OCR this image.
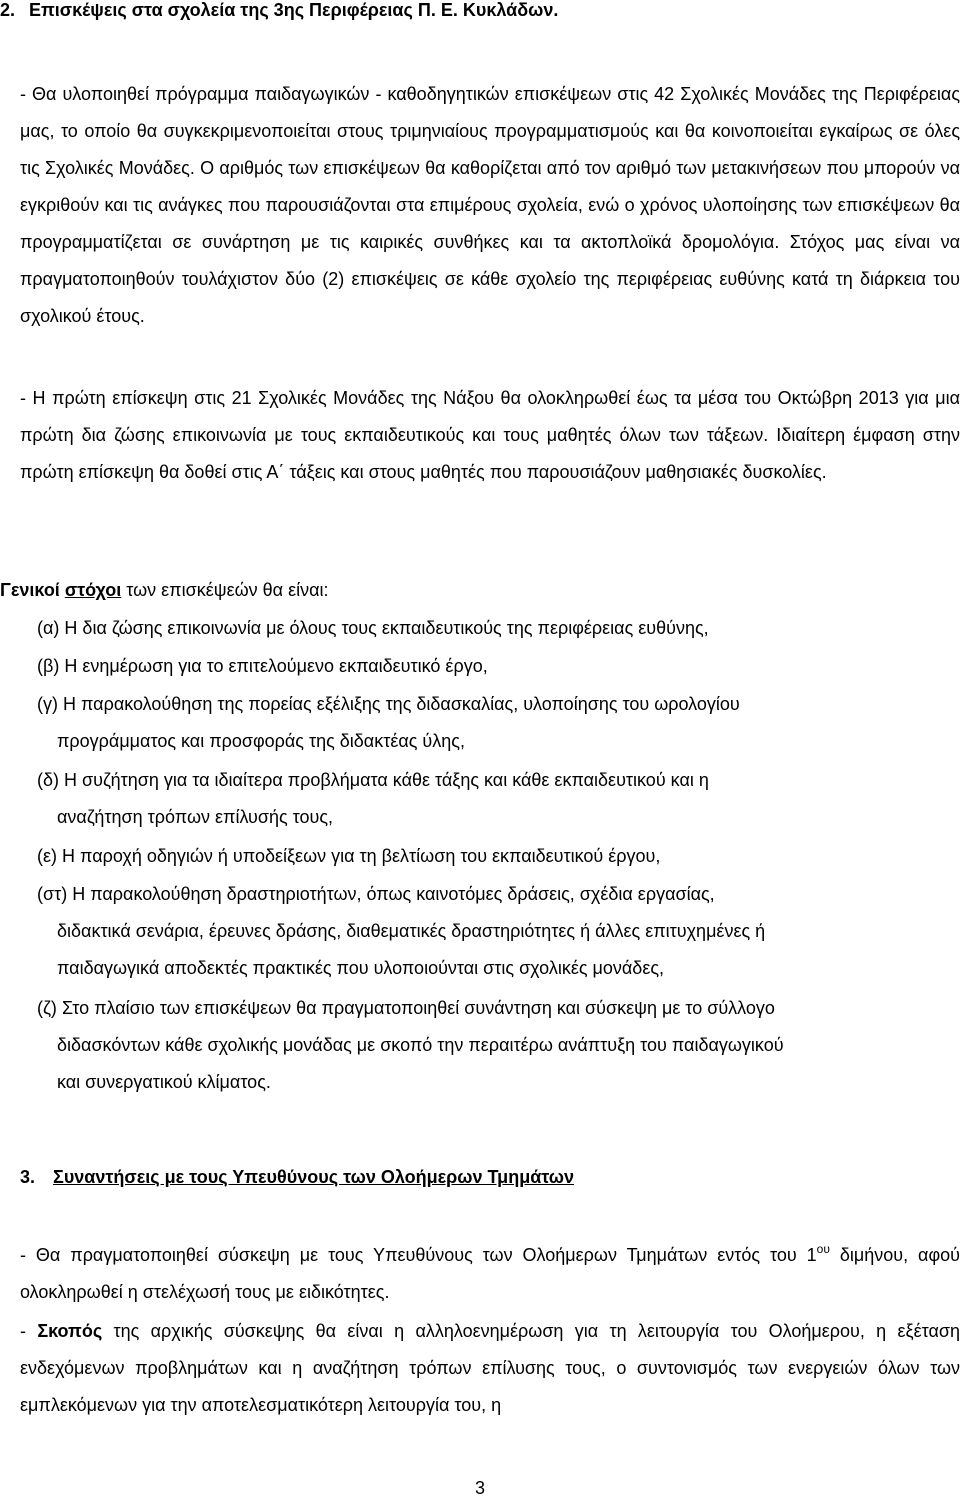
2. Επισκέψεις στα σχολεία της 3ης Περιφέρειας Π. Ε. Κυκλάδων.

- Θα υλοποιηθεί πρόγραμμα παιδαγωγικών - καθοδηγητικών επισκέψεων στις 42 Σχολικές Μονάδες της Περιφέρειας μας, το οποίο θα συγκεκριμενοποιείται στους τριμηνιαίους προγραμματισμούς και θα κοινοποιείται εγκαίρως σε όλες τις Σχολικές Μονάδες. Ο αριθμός των επισκέψεων θα καθορίζεται από τον αριθμό των μετακινήσεων που μπορούν να εγκριθούν και τις ανάγκες που παρουσιάζονται στα επιμέρους σχολεία, ενώ ο χρόνος υλοποίησης των επισκέψεων θα προγραμματίζεται σε συνάρτηση με τις καιρικές συνθήκες και τα ακτοπλοϊκά δρομολόγια. Στόχος μας είναι να πραγματοποιηθούν τουλάχιστον δύο (2) επισκέψεις σε κάθε σχολείο της περιφέρειας ευθύνης κατά τη διάρκεια του σχολικού έτους.

- Η πρώτη επίσκεψη στις 21 Σχολικές Μονάδες της Νάξου θα ολοκληρωθεί έως τα μέσα του Οκτώβρη 2013 για μια πρώτη δια ζώσης επικοινωνία με τους εκπαιδευτικούς και τους μαθητές όλων των τάξεων. Ιδιαίτερη έμφαση στην πρώτη επίσκεψη θα δοθεί στις Α΄ τάξεις και στους μαθητές που παρουσιάζουν μαθησιακές δυσκολίες.

Γενικοί στόχοι των επισκέψεών θα είναι:

(α) Η δια ζώσης επικοινωνία με όλους τους εκπαιδευτικούς της περιφέρειας ευθύνης,

(β) Η ενημέρωση για το επιτελούμενο εκπαιδευτικό έργο,

(γ) Η παρακολούθηση της πορείας εξέλιξης της διδασκαλίας, υλοποίησης του ωρολογίου
προγράμματος και προσφοράς της διδακτέας ύλης,

(δ) Η συζήτηση για τα ιδιαίτερα προβλήματα κάθε τάξης και κάθε εκπαιδευτικού και η
αναζήτηση τρόπων επίλυσής τους,

(ε) Η παροχή οδηγιών ή υποδείξεων για τη βελτίωση του εκπαιδευτικού έργου,

(στ) Η παρακολούθηση δραστηριοτήτων, όπως καινοτόμες δράσεις, σχέδια εργασίας,
διδακτικά σενάρια, έρευνες δράσης, διαθεματικές δραστηριότητες ή άλλες επιτυχημένες ή
παιδαγωγικά αποδεκτές πρακτικές που υλοποιούνται στις σχολικές μονάδες,

(ζ) Στο πλαίσιο των επισκέψεων θα πραγματοποιηθεί συνάντηση και σύσκεψη με το σύλλογο
διδασκόντων κάθε σχολικής μονάδας με σκοπό την περαιτέρω ανάπτυξη του παιδαγωγικού
και συνεργατικού κλίματος.

3. Συναντήσεις με τους Υπευθύνους των Ολοήμερων Τμημάτων

- Θα πραγματοποιηθεί σύσκεψη με τους Υπευθύνους των Ολοήμερων Τμημάτων εντός του $1^{o\upsilon}$ διμήνου, αφού ολοκληρωθεί η στελέχωσή τους με ειδικότητες.

- Σκοπός της αρχικής σύσκεψης θα είναι η αλληλοενημέρωση για τη λειτουργία του Ολοήμερου, η εξέταση ενδεχόμενων προβλημάτων και η αναζήτηση τρόπων επίλυσης τους, ο συντονισμός των ενεργειών όλων των εμπλεκόμενων για την αποτελεσματικότερη λειτουργία του, η

3
